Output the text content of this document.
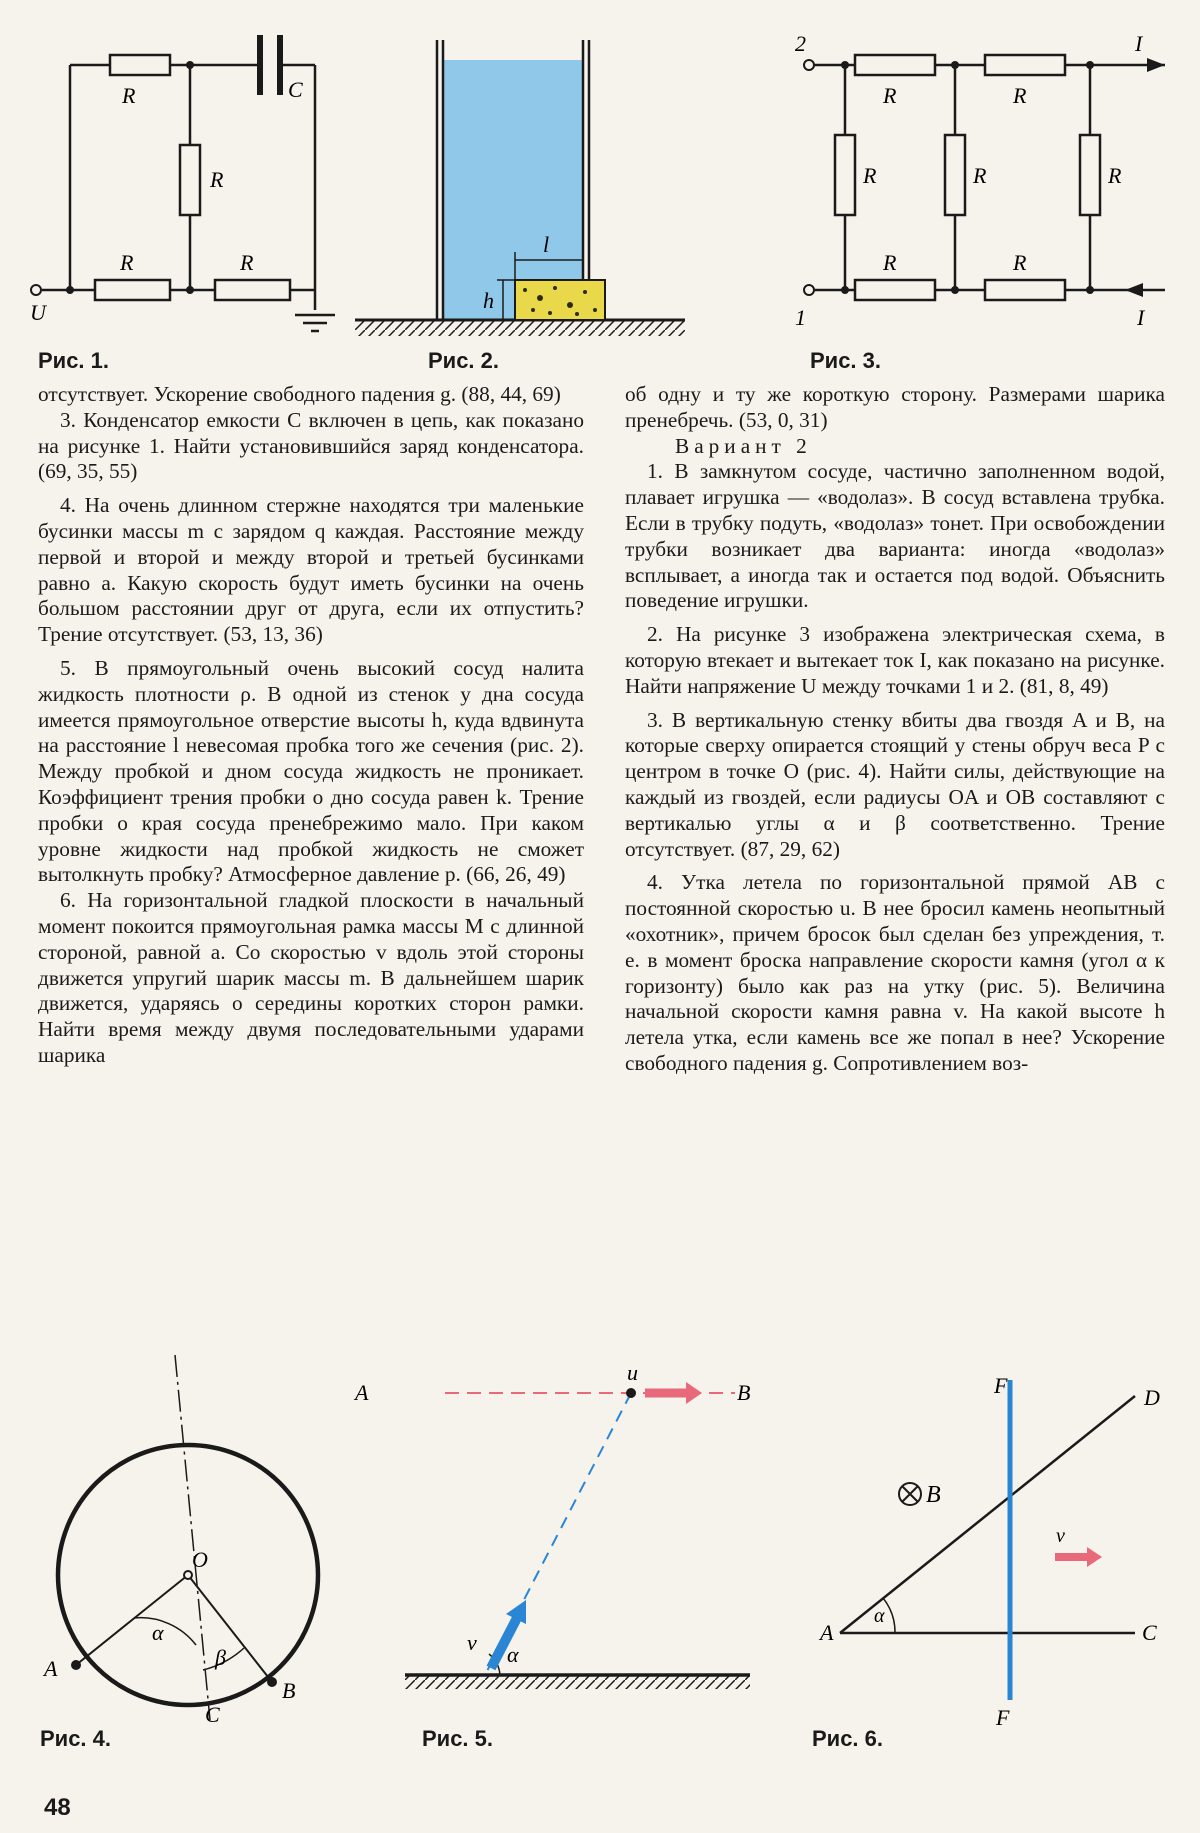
R	C
R
R	R
U
Рис. 1.
l
h
Рис. 2.
2
1
I
I
R	R
R	R	R
R	R
Рис. 3.

отсутствует. Ускорение свободного падения g. (88, 44, 69)

3. Конденсатор емкости C включен в цепь, как показано на рисунке 1. Найти установившийся заряд конденсатора. (69, 35, 55)

4. На очень длинном стержне находятся три маленькие бусинки массы m с зарядом q каждая. Расстояние между первой и второй и между второй и третьей бусинками равно a. Какую скорость будут иметь бусинки на очень большом расстоянии друг от друга, если их отпустить? Трение отсутствует. (53, 13, 36)

5. В прямоугольный очень высокий сосуд налита жидкость плотности ρ. В одной из стенок у дна сосуда имеется прямоугольное отверстие высоты h, куда вдвинута на расстояние l невесомая пробка того же сечения (рис. 2). Между пробкой и дном сосуда жидкость не проникает. Коэффициент трения пробки о дно сосуда равен k. Трение пробки о края сосуда пренебрежимо мало. При каком уровне жидкости над пробкой жидкость не сможет вытолкнуть пробку? Атмосферное давление p. (66, 26, 49)

6. На горизонтальной гладкой плоскости в начальный момент покоится прямоугольная рамка массы M с длинной стороной, равной a. Со скоростью v вдоль этой стороны движется упругий шарик массы m. В дальнейшем шарик движется, ударяясь о середины коротких сторон рамки. Найти время между двумя последовательными ударами шарика

об одну и ту же короткую сторону. Размерами шарика пренебречь. (53, 0, 31)

Вариант 2

1. В замкнутом сосуде, частично заполненном водой, плавает игрушка — «водолаз». В сосуд вставлена трубка. Если в трубку подуть, «водолаз» тонет. При освобождении трубки возникает два варианта: иногда «водолаз» всплывает, а иногда так и остается под водой. Объяснить поведение игрушки.

2. На рисунке 3 изображена электрическая схема, в которую втекает и вытекает ток I, как показано на рисунке. Найти напряжение U между точками 1 и 2. (81, 8, 49)

3. В вертикальную стенку вбиты два гвоздя A и B, на которые сверху опирается стоящий у стены обруч веса P с центром в точке O (рис. 4). Найти силы, действующие на каждый из гвоздей, если радиусы OA и OB составляют с вертикалью углы α и β соответственно. Трение отсутствует. (87, 29, 62)

4. Утка летела по горизонтальной прямой AB с постоянной скоростью u. В нее бросил камень неопытный «охотник», причем бросок был сделан без упреждения, т. е. в момент броска направление скорости камня (угол α к горизонту) было как раз на утку (рис. 5). Величина начальной скорости камня равна v. На какой высоте h летела утка, если камень все же попал в нее? Ускорение свободного падения g. Сопротивлением воз-

O
A
B
C
α
β
Рис. 4.
A	B
u
v α
Рис. 5.
F
F
D
A	C
B
v
α
Рис. 6.
48
